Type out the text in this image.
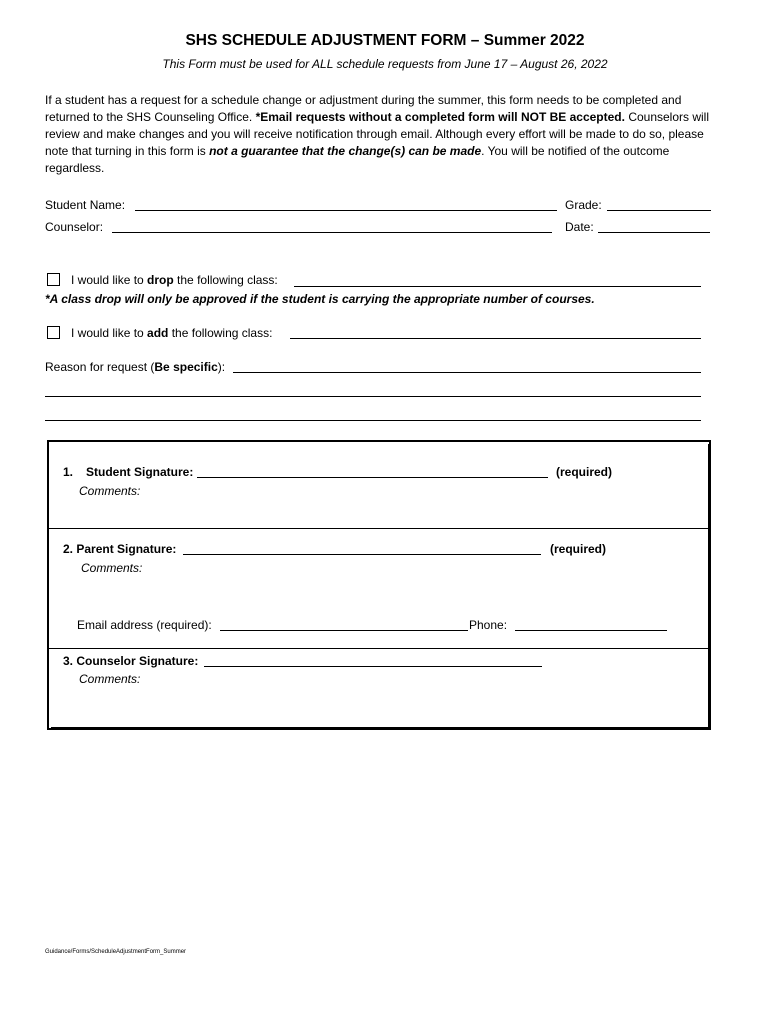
SHS SCHEDULE ADJUSTMENT FORM – Summer 2022
This Form must be used for ALL schedule requests from June 17 – August 26, 2022
If a student has a request for a schedule change or adjustment during the summer, this form needs to be completed and returned to the SHS Counseling Office. *Email requests without a completed form will NOT BE accepted. Counselors will review and make changes and you will receive notification through email. Although every effort will be made to do so, please note that turning in this form is not a guarantee that the change(s) can be made. You will be notified of the outcome regardless.
Student Name:	Grade:
Counselor:	Date:
I would like to drop the following class:
*A class drop will only be approved if the student is carrying the appropriate number of courses.
I would like to add the following class:
Reason for request (Be specific):
1. Student Signature:	(required)
Comments:
2. Parent Signature:	(required)
Comments:
Email address (required):	Phone:
3. Counselor Signature:
Comments:
Guidance/Forms/ScheduleAdjustmentForm_Summer
